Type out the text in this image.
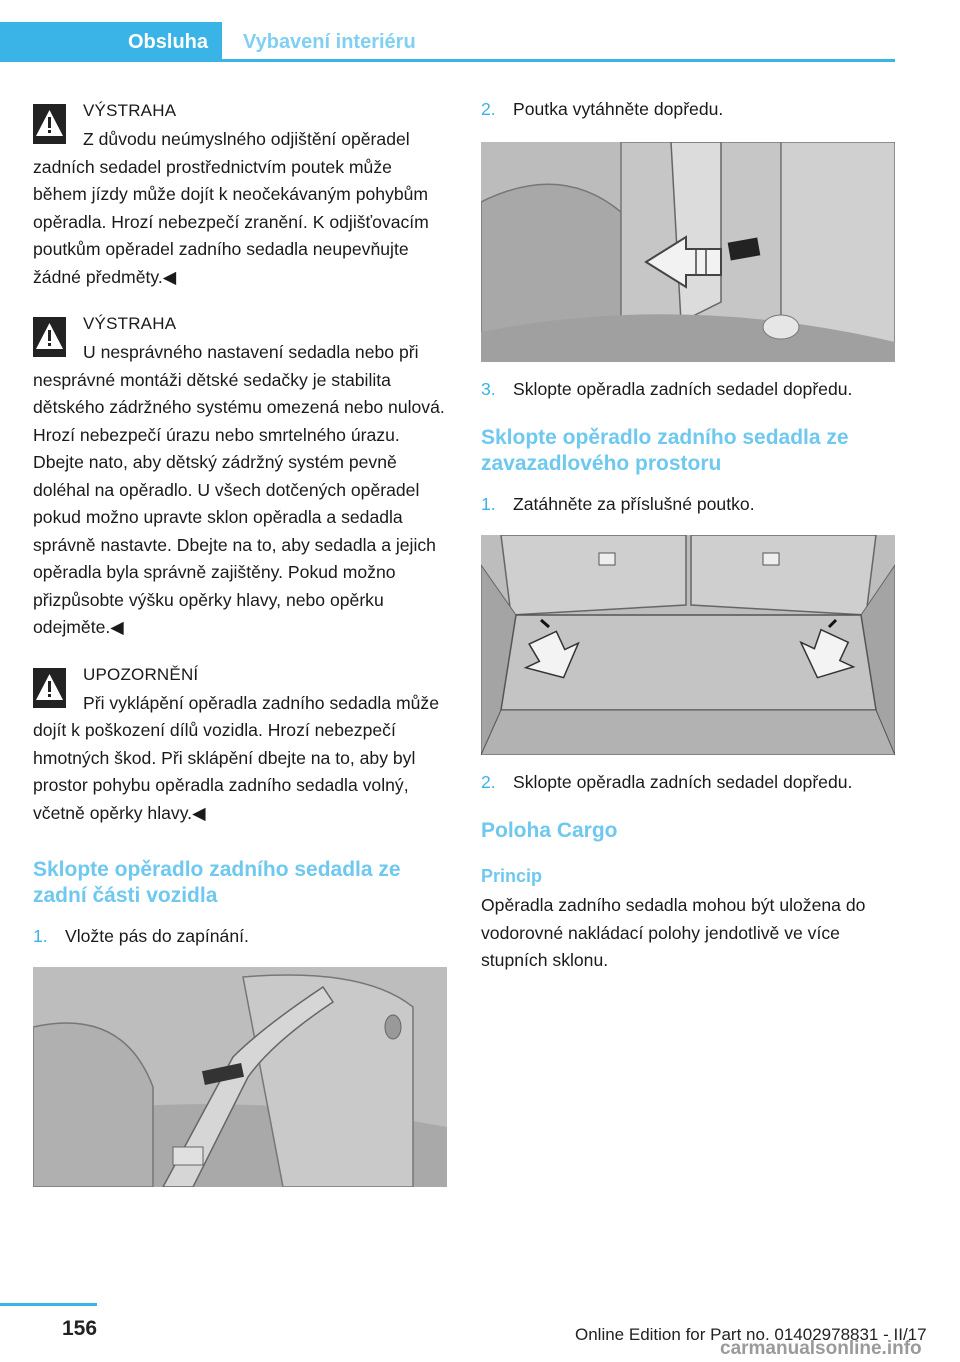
Obsluha	Vybavení interiéru
VÝSTRAHA

Z důvodu neúmyslného odjištění opěradel zadních sedadel prostřednictvím poutek může během jízdy může dojít k neočekávaným pohybům opěradla. Hrozí nebezpečí zranění. K odjišťovacím poutkům opěradel zadního sedadla neupevňujte žádné předměty.◀

VÝSTRAHA

U nesprávného nastavení sedadla nebo při nesprávné montáži dětské sedačky je stabilita dětského zádržného systému omezená nebo nulová. Hrozí nebezpečí úrazu nebo smrtelného úrazu. Dbejte nato, aby dětský zádržný systém pevně doléhal na opěradlo. U všech dotčených opěradel pokud možno upravte sklon opěradla a sedadla správně nastavte. Dbejte na to, aby sedadla a jejich opěradla byla správně zajištěny. Pokud možno přizpůsobte výšku opěrky hlavy, nebo opěrku odejměte.◀

UPOZORNĚNÍ

Při vyklápění opěradla zadního sedadla může dojít k poškození dílů vozidla. Hrozí nebezpečí hmotných škod. Při sklápění dbejte na to, aby byl prostor pohybu opěradla zadního sedadla volný, včetně opěrky hlavy.◀

Sklopte opěradlo zadního sedadla ze zadní části vozidla
1. Vložte pás do zapínání.
2. Poutka vytáhněte dopředu.
3. Sklopte opěradla zadních sedadel dopředu.
Sklopte opěradlo zadního sedadla ze zavazadlového prostoru
1. Zatáhněte za příslušné poutko.
2. Sklopte opěradla zadních sedadel dopředu.
Poloha Cargo
Princip

Opěradla zadního sedadla mohou být uložena do vodorovné nakládací polohy jendotlivě ve více stupních sklonu.

156	Online Edition for Part no. 01402978831 - II/17
carmanualsonline.info
